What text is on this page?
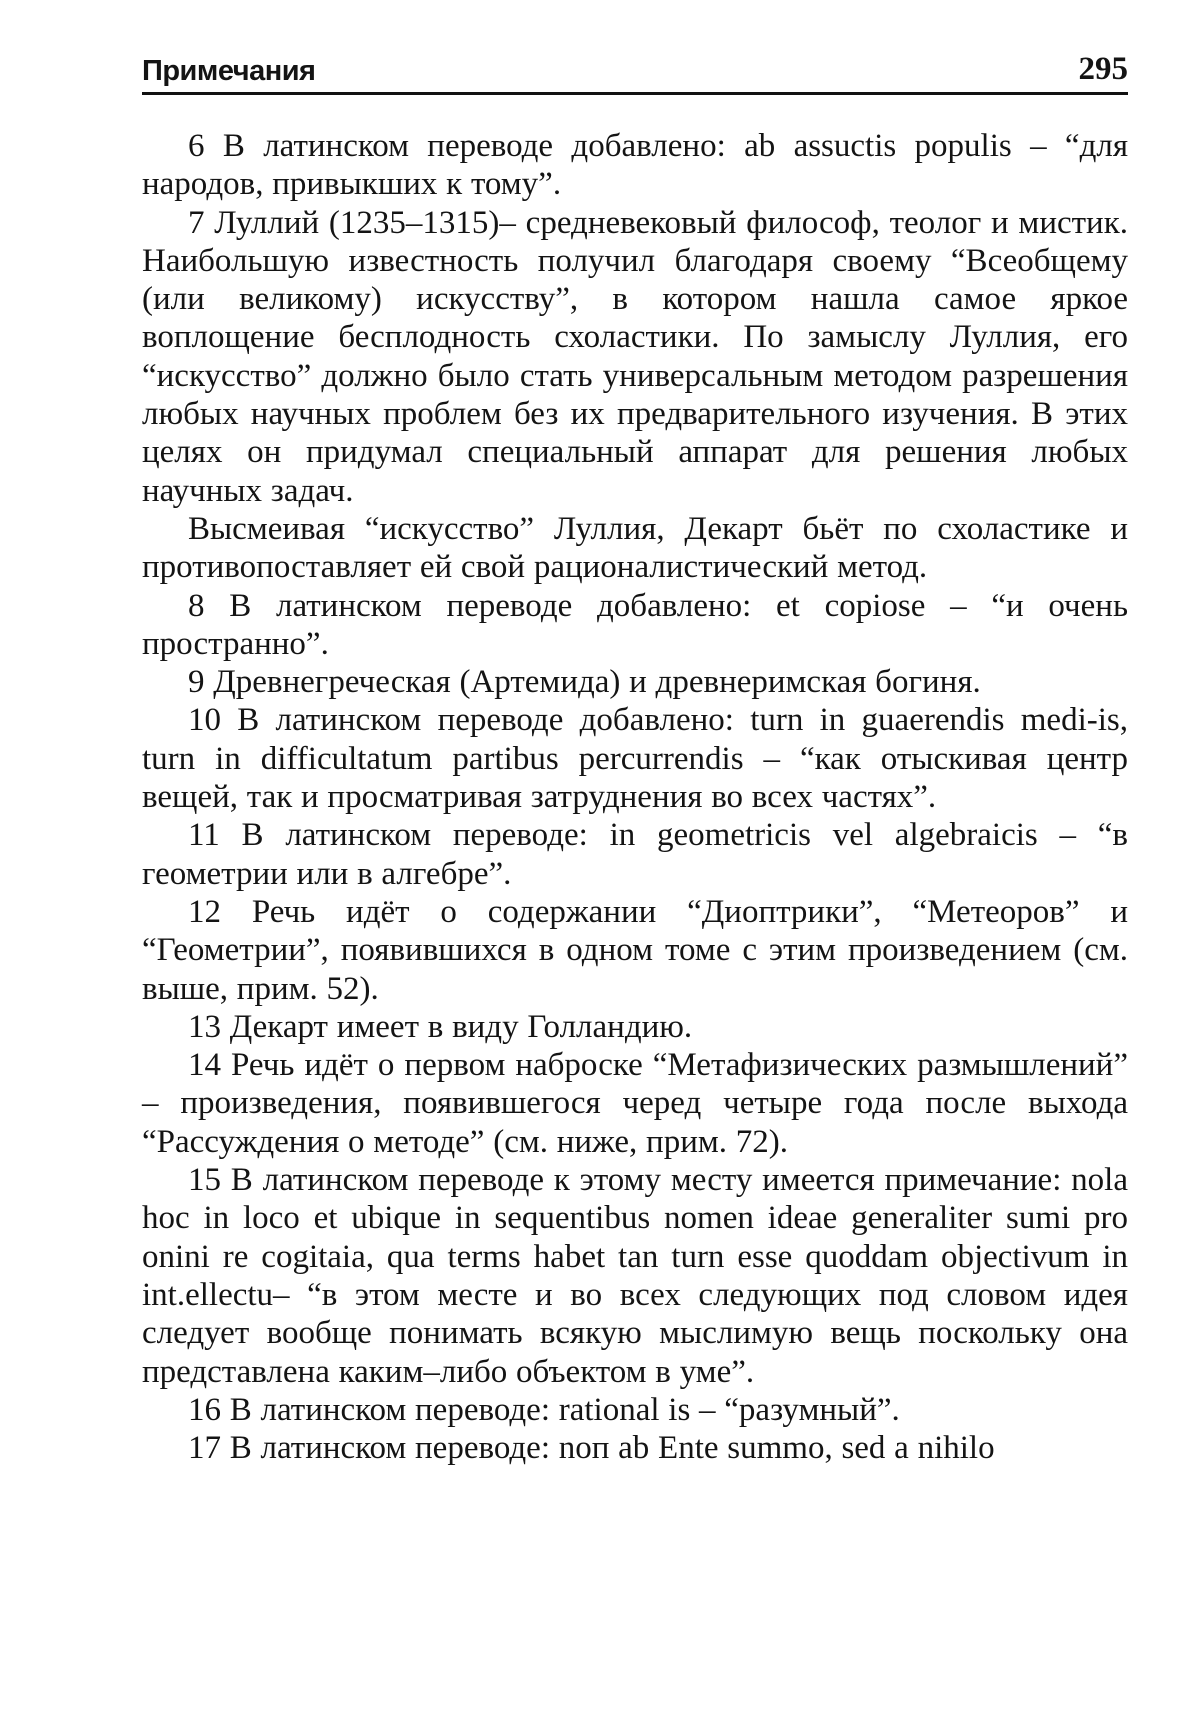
Примечания	295

6 В латинском переводе добавлено: ab assuctis populis – “для народов, привыкших к тому”.

7 Луллий (1235–1315)– средневековый философ, теолог и мистик. Наибольшую известность получил благодаря своему “Всеобщему (или великому) искусству”, в котором нашла самое яркое воплощение бесплодность схоластики. По замыслу Луллия, его “искусство” должно было стать универсальным методом разрешения любых научных проблем без их предварительного изучения. В этих целях он придумал специальный аппарат для решения любых научных задач.

Высмеивая “искусство” Луллия, Декарт бьёт по схоластике и противопоставляет ей свой рационалистический метод.

8 В латинском переводе добавлено: et copiose – “и очень пространно”.

9 Древнегреческая (Артемида) и древнеримская богиня.

10 В латинском переводе добавлено: turn in guaerendis medi-is, turn in difficultatum partibus percurrendis – “как отыскивая центр вещей, так и просматривая затруднения во всех частях”.

11 В латинском переводе: in geometricis vel algebraicis – “в геометрии или в алгебре”.

12 Речь идёт о содержании “Диоптрики”, “Метеоров” и “Геометрии”, появившихся в одном томе с этим произведением (см. выше, прим. 52).

13 Декарт имеет в виду Голландию.

14 Речь идёт о первом наброске “Метафизических размышлений” – произведения, появившегося черед четыре года после выхода “Рассуждения о методе” (см. ниже, прим. 72).

15 В латинском переводе к этому месту имеется примечание: nola hoc in loco et ubique in sequentibus nomen ideae generaliter sumi pro onini re cogitaia, qua terms habet tan turn esse quoddam objectivum in int.ellectu– “в этом месте и во всех следующих под словом идея следует вообще понимать всякую мыслимую вещь поскольку она представлена каким–либо объектом в уме”.

16 В латинском переводе: rational is – “разумный”.

17 В латинском переводе: nоп ab Ente summo, sed a nihilo
